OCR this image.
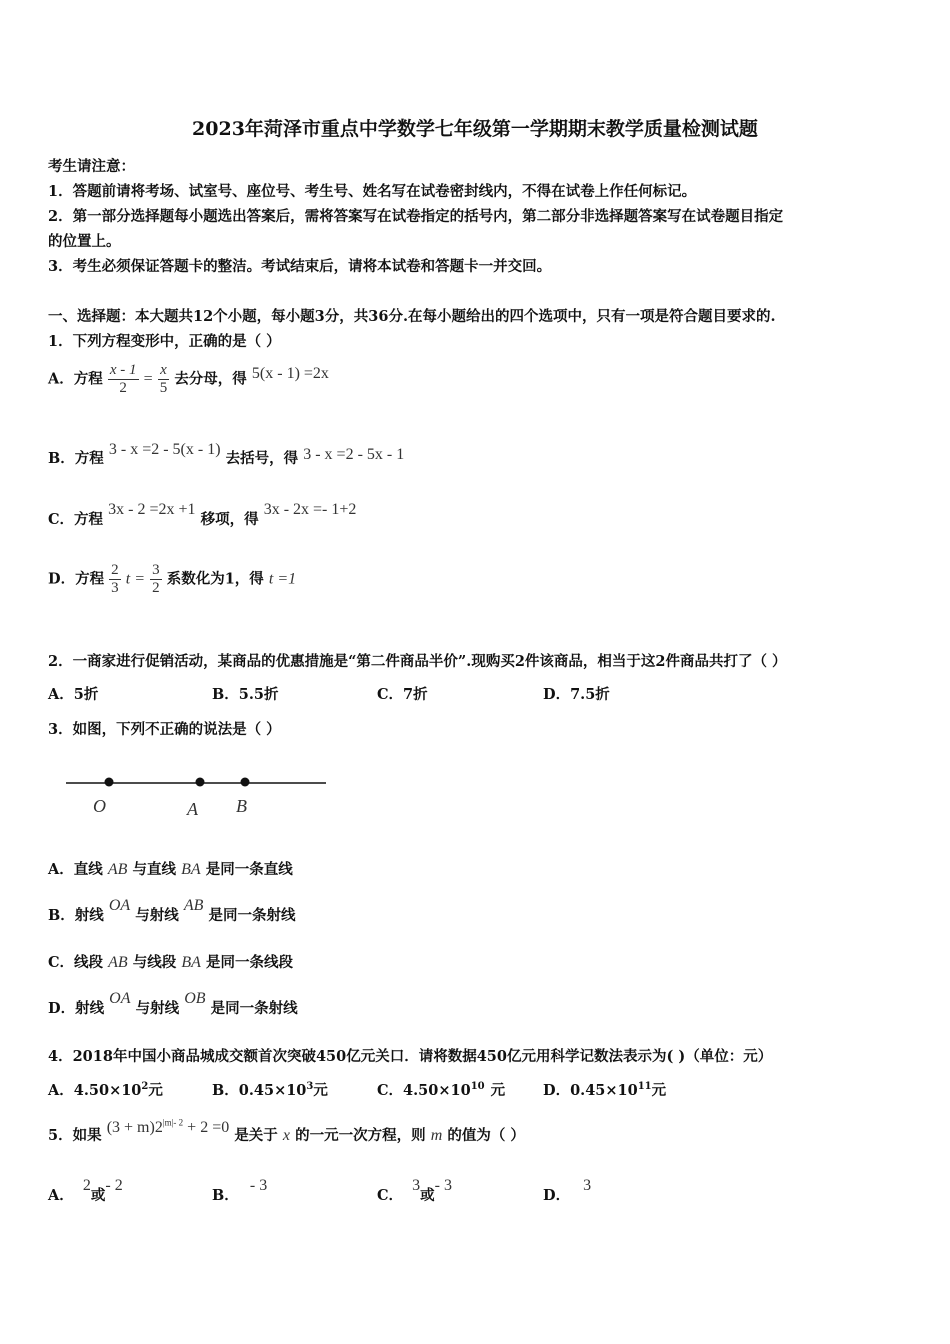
2023年菏泽市重点中学数学七年级第一学期期末教学质量检测试题
考生请注意：
1．答题前请将考场、试室号、座位号、考生号、姓名写在试卷密封线内，不得在试卷上作任何标记。
2．第一部分选择题每小题选出答案后，需将答案写在试卷指定的括号内，第二部分非选择题答案写在试卷题目指定
的位置上。
3．考生必须保证答题卡的整洁。考试结束后，请将本试卷和答题卡一并交回。
一、选择题：本大题共12个小题，每小题3分，共36分.在每小题给出的四个选项中，只有一项是符合题目要求的.
1．下列方程变形中，正确的是（ ）
A．方程 $\frac{x - 1}{2} = \frac{x}{5}$ 去分母，得 5(x - 1) =2x
B．方程 3 - x =2 - 5(x - 1) 去括号，得 3 - x =2 - 5x - 1
C．方程 3x - 2 =2x +1 移项，得 3x - 2x =- 1+2
D．方程 $\frac{2}{3}$ $t = \frac{3}{2}$ 系数化为1，得 t =1
2．一商家进行促销活动，某商品的优惠措施是“第二件商品半价”.现购买2件该商品，相当于这2件商品共打了（ ）
A．5折	B．5.5折	C．7折	D．7.5折
3．如图，下列不正确的说法是（ ）
O	A B
A．直线 AB 与直线 BA 是同一条直线
B．射线 OA 与射线 AB 是同一条射线
C．线段 AB 与线段 BA 是同一条线段
D．射线 OA 与射线 OB 是同一条射线
4．2018年中国小商品城成交额首次突破450亿元关口．请将数据450亿元用科学记数法表示为( )（单位：元）
A．$4.50\times 10^2$元	B．$0.45\times 10^3$元	C．$4.50\times 10^{10}$ 元	D．$0.45\times 10^{11}$元
5．如果 $(3 + m)2^{|m|- 2} + 2 =0$ 是关于 x 的一元一次方程，则 m 的值为（ ）
A． 2或- 2
B． - 3
C． 3或- 3
D． 3
